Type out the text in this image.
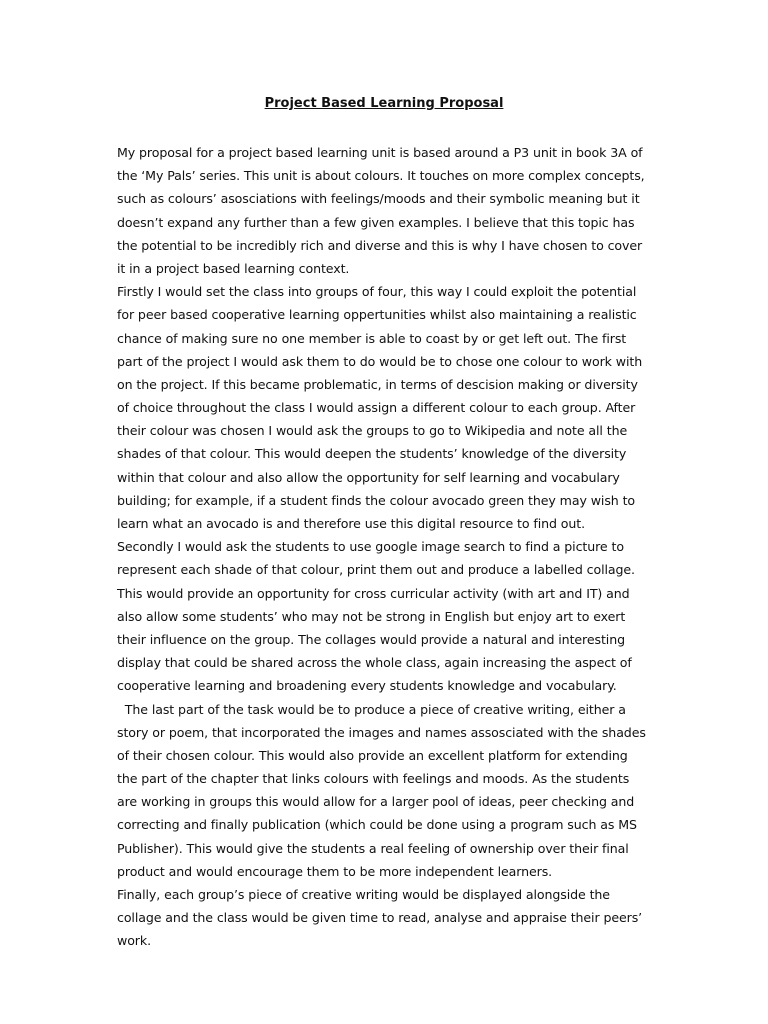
Project Based Learning Proposal
My proposal for a project based learning unit is based around a P3 unit in book 3A of
the ‘My Pals’ series. This unit is about colours. It touches on more complex concepts,
such as colours’ asosciations with feelings/moods and their symbolic meaning but it
doesn’t expand any further than a few given examples. I believe that this topic has
the potential to be incredibly rich and diverse and this is why I have chosen to cover
it in a project based learning context.
Firstly I would set the class into groups of four, this way I could exploit the potential
for peer based cooperative learning oppertunities whilst also maintaining a realistic
chance of making sure no one member is able to coast by or get left out. The first
part of the project I would ask them to do would be to chose one colour to work with
on the project. If this became problematic, in terms of descision making or diversity
of choice throughout the class I would assign a different colour to each group. After
their colour was chosen I would ask the groups to go to Wikipedia and note all the
shades of that colour. This would deepen the students’ knowledge of the diversity
within that colour and also allow the opportunity for self learning and vocabulary
building; for example, if a student finds the colour avocado green they may wish to
learn what an avocado is and therefore use this digital resource to find out.
Secondly I would ask the students to use google image search to find a picture to
represent each shade of that colour, print them out and produce a labelled collage.
This would provide an opportunity for cross curricular activity (with art and IT) and
also allow some students’ who may not be strong in English but enjoy art to exert
their influence on the group. The collages would provide a natural and interesting
display that could be shared across the whole class, again increasing the aspect of
cooperative learning and broadening every students knowledge and vocabulary.
The last part of the task would be to produce a piece of creative writing, either a
story or poem, that incorporated the images and names assosciated with the shades
of their chosen colour. This would also provide an excellent platform for extending
the part of the chapter that links colours with feelings and moods. As the students
are working in groups this would allow for a larger pool of ideas, peer checking and
correcting and finally publication (which could be done using a program such as MS
Publisher). This would give the students a real feeling of ownership over their final
product and would encourage them to be more independent learners.
Finally, each group’s piece of creative writing would be displayed alongside the
collage and the class would be given time to read, analyse and appraise their peers’
work.
